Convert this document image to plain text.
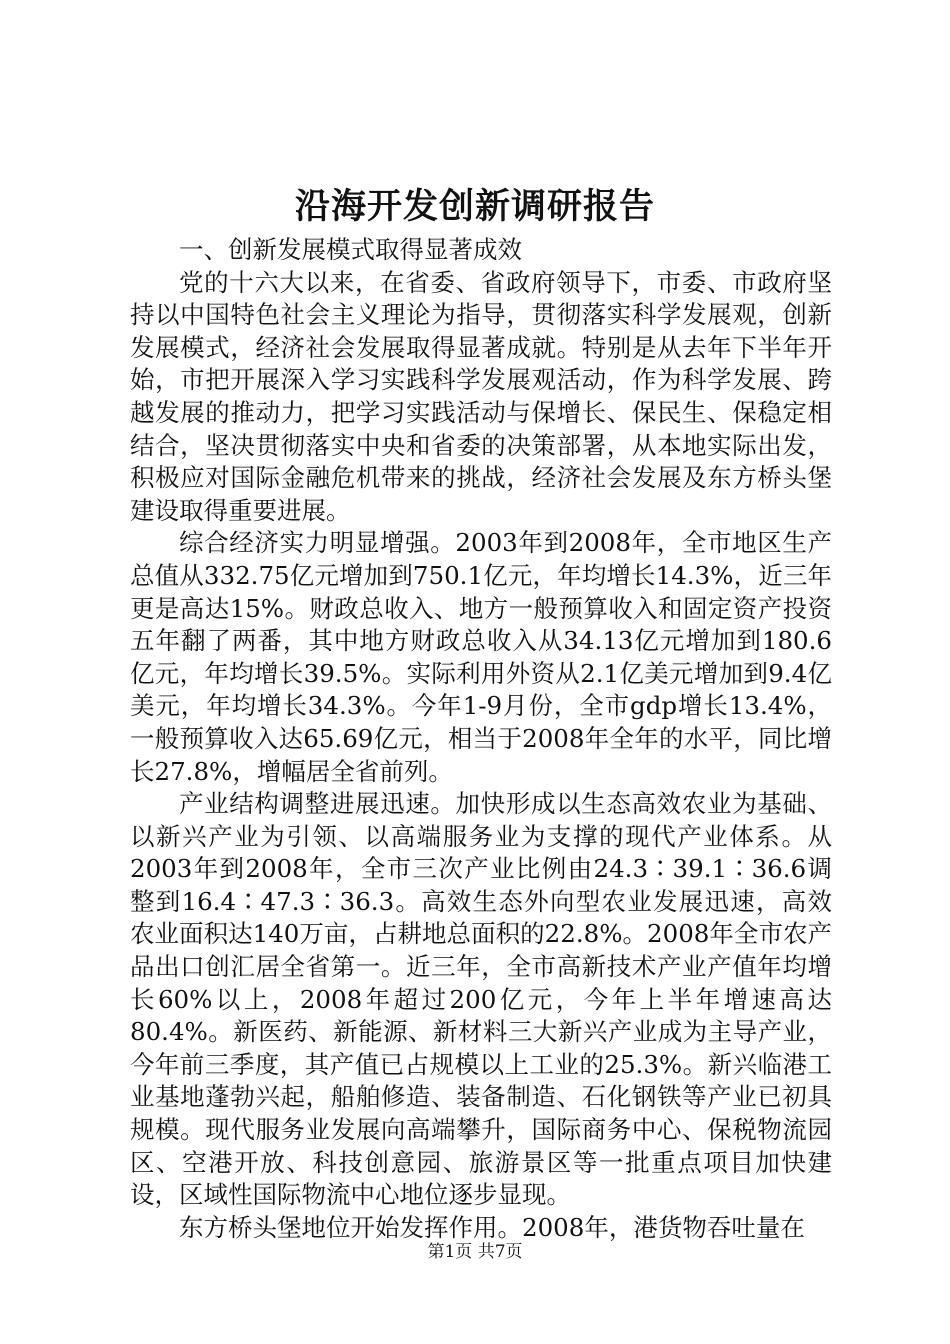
沿海开发创新调研报告

一、创新发展模式取得显著成效

党的十六大以来，在省委、省政府领导下，市委、市政府坚持以中国特色社会主义理论为指导，贯彻落实科学发展观，创新发展模式，经济社会发展取得显著成就。特别是从去年下半年开始，市把开展深入学习实践科学发展观活动，作为科学发展、跨越发展的推动力，把学习实践活动与保增长、保民生、保稳定相结合，坚决贯彻落实中央和省委的决策部署，从本地实际出发，积极应对国际金融危机带来的挑战，经济社会发展及东方桥头堡建设取得重要进展。

综合经济实力明显增强。2003年到2008年，全市地区生产总值从332.75亿元增加到750.1亿元，年均增长14.3%，近三年更是高达15%。财政总收入、地方一般预算收入和固定资产投资五年翻了两番，其中地方财政总收入从34.13亿元增加到180.6亿元，年均增长39.5%。实际利用外资从2.1亿美元增加到9.4亿美元，年均增长34.3%。今年1-9月份，全市gdp增长13.4%，一般预算收入达65.69亿元，相当于2008年全年的水平，同比增长27.8%，增幅居全省前列。

产业结构调整进展迅速。加快形成以生态高效农业为基础、以新兴产业为引领、以高端服务业为支撑的现代产业体系。从2003年到2008年，全市三次产业比例由24.3∶39.1∶36.6调整到16.4∶47.3∶36.3。高效生态外向型农业发展迅速，高效农业面积达140万亩，占耕地总面积的22.8%。2008年全市农产品出口创汇居全省第一。近三年，全市高新技术产业产值年均增长60%以上，2008年超过200亿元，今年上半年增速高达80.4%。新医药、新能源、新材料三大新兴产业成为主导产业，今年前三季度，其产值已占规模以上工业的25.3%。新兴临港工业基地蓬勃兴起，船舶修造、装备制造、石化钢铁等产业已初具规模。现代服务业发展向高端攀升，国际商务中心、保税物流园区、空港开放、科技创意园、旅游景区等一批重点项目加快建设，区域性国际物流中心地位逐步显现。

东方桥头堡地位开始发挥作用。2008年，港货物吞吐量在

第1页 共7页
